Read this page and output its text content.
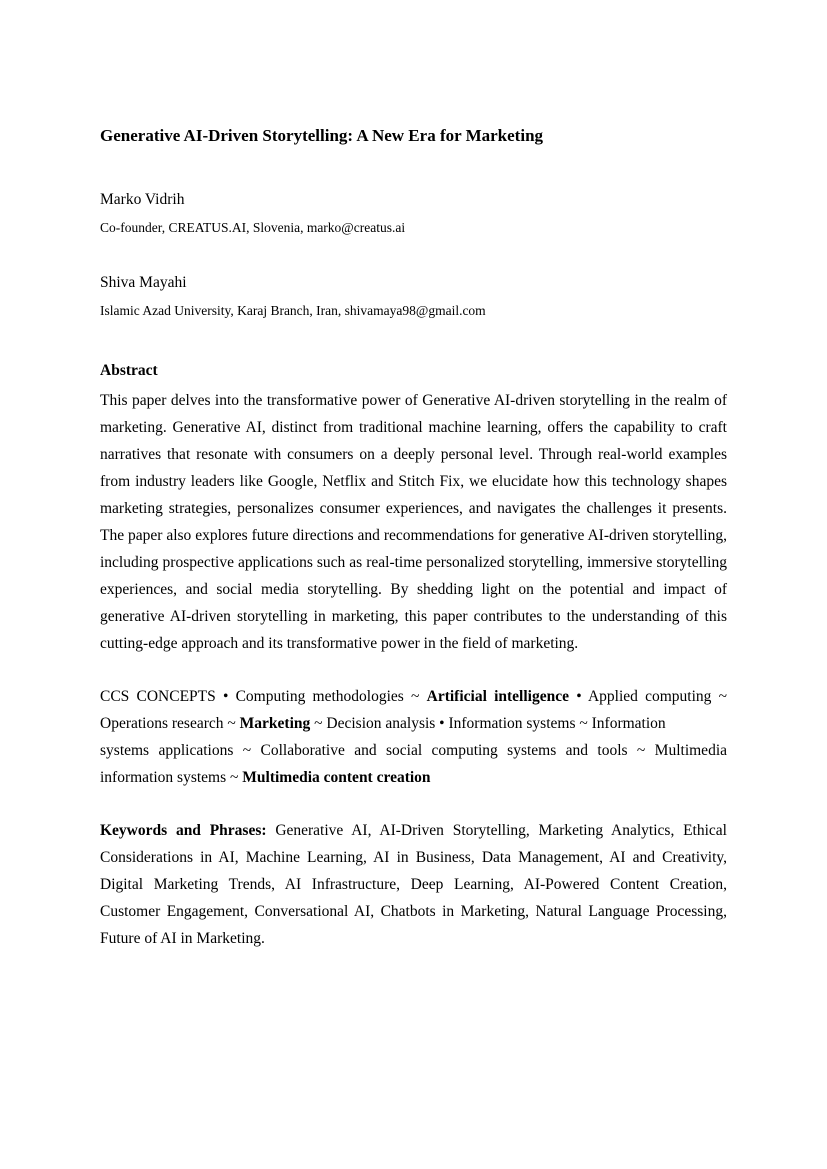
Generative AI-Driven Storytelling: A New Era for Marketing

Marko Vidrih

Co-founder, CREATUS.AI, Slovenia, marko@creatus.ai

Shiva Mayahi

Islamic Azad University, Karaj Branch, Iran, shivamaya98@gmail.com

Abstract

This paper delves into the transformative power of Generative AI-driven storytelling in the realm of marketing. Generative AI, distinct from traditional machine learning, offers the capability to craft narratives that resonate with consumers on a deeply personal level. Through real-world examples from industry leaders like Google, Netflix and Stitch Fix, we elucidate how this technology shapes marketing strategies, personalizes consumer experiences, and navigates the challenges it presents. The paper also explores future directions and recommendations for generative AI-driven storytelling, including prospective applications such as real-time personalized storytelling, immersive storytelling experiences, and social media storytelling. By shedding light on the potential and impact of generative AI-driven storytelling in marketing, this paper contributes to the understanding of this cutting-edge approach and its transformative power in the field of marketing.

CCS CONCEPTS • Computing methodologies ~ Artificial intelligence • Applied computing ~ Operations research ~ Marketing ~ Decision analysis • Information systems ~ Information
systems applications ~ Collaborative and social computing systems and tools ~ Multimedia information systems ~ Multimedia content creation

Keywords and Phrases: Generative AI, AI-Driven Storytelling, Marketing Analytics, Ethical Considerations in AI, Machine Learning, AI in Business, Data Management, AI and Creativity, Digital Marketing Trends, AI Infrastructure, Deep Learning, AI-Powered Content Creation, Customer Engagement, Conversational AI, Chatbots in Marketing, Natural Language Processing, Future of AI in Marketing.
